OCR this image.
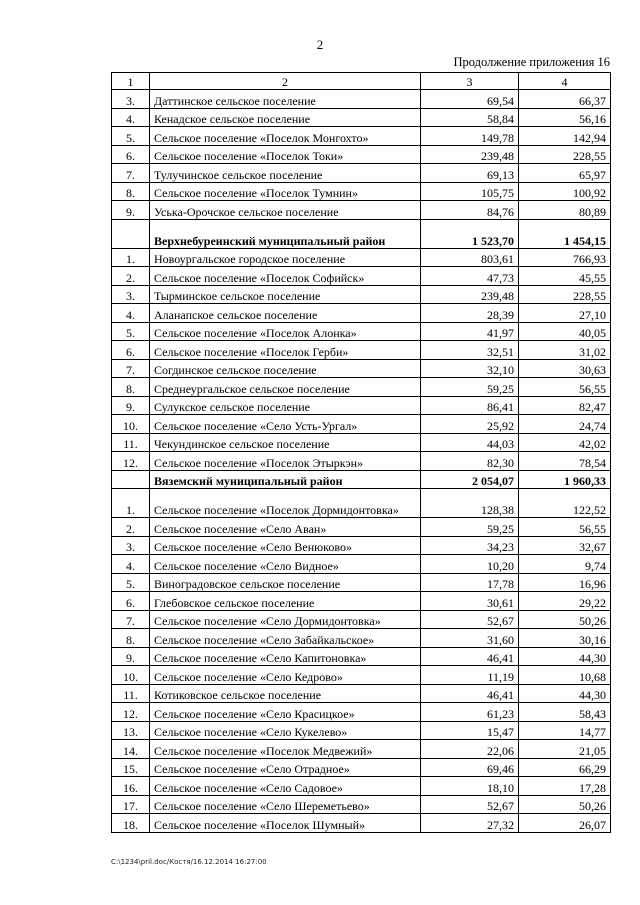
2
Продолжение приложения 16
1	2	3	4
3.	Даттинское сельское поселение	69,54	66,37
4.	Кенадское сельское поселение	58,84	56,16
5.	Сельское поселение «Поселок Монгохто»	149,78	142,94
6.	Сельское поселение «Поселок Токи»	239,48	228,55
7.	Тулучинское сельское поселение	69,13	65,97
8.	Сельское поселение «Поселок Тумнин»	105,75	100,92
9.	Уська-Орочское сельское поселение	84,76	80,89
	Верхнебуреинский муниципальный район	1 523,70	1 454,15
1.	Новоургальское городское поселение	803,61	766,93
2.	Сельское поселение «Поселок Софийск»	47,73	45,55
3.	Тырминское сельское поселение	239,48	228,55
4.	Аланапское сельское поселение	28,39	27,10
5.	Сельское поселение «Поселок Алонка»	41,97	40,05
6.	Сельское поселение «Поселок Герби»	32,51	31,02
7.	Согдинское сельское поселение	32,10	30,63
8.	Среднеургальское сельское поселение	59,25	56,55
9.	Сулукское сельское поселение	86,41	82,47
10.	Сельское поселение «Село Усть-Ургал»	25,92	24,74
11.	Чекундинское сельское поселение	44,03	42,02
12.	Сельское поселение «Поселок Этыркэн»	82,30	78,54
	Вяземский муниципальный район	2 054,07	1 960,33
1.	Сельское поселение «Поселок Дормидонтовка»	128,38	122,52
2.	Сельское поселение «Село Аван»	59,25	56,55
3.	Сельское поселение «Село Венюково»	34,23	32,67
4.	Сельское поселение «Село Видное»	10,20	9,74
5.	Виноградовское сельское поселение	17,78	16,96
6.	Глебовское сельское поселение	30,61	29,22
7.	Сельское поселение «Село Дормидонтовка»	52,67	50,26
8.	Сельское поселение «Село Забайкальское»	31,60	30,16
9.	Сельское поселение «Село Капитоновка»	46,41	44,30
10.	Сельское поселение «Село Кедрово»	11,19	10,68
11.	Котиковское сельское поселение	46,41	44,30
12.	Сельское поселение «Село Красицкое»	61,23	58,43
13.	Сельское поселение «Село Кукелево»	15,47	14,77
14.	Сельское поселение «Поселок Медвежий»	22,06	21,05
15.	Сельское поселение «Село Отрадное»	69,46	66,29
16.	Сельское поселение «Село Садовое»	18,10	17,28
17.	Сельское поселение «Село Шереметьево»	52,67	50,26
18.	Сельское поселение «Поселок Шумный»	27,32	26,07
C:\1234\pril.doc/Костя/16.12.2014 16:27:00
